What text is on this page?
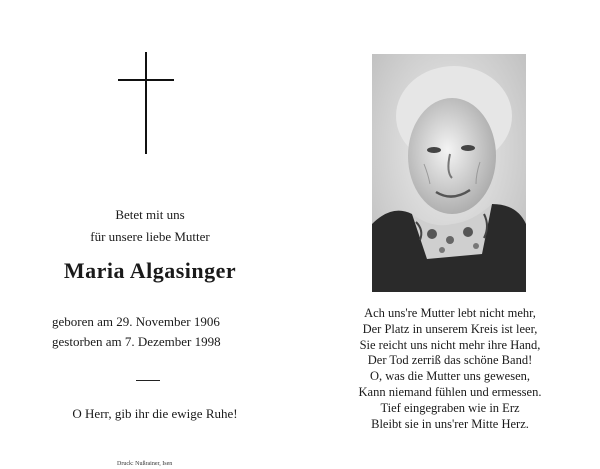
Betet mit uns
für unsere liebe Mutter
Maria Algasinger
geboren am 29. November 1906
gestorben am 7. Dezember 1998
O Herr, gib ihr die ewige Ruhe!
Druck: Nußrainer, Isen
Ach uns're Mutter lebt nicht mehr,
Der Platz in unserem Kreis ist leer,
Sie reicht uns nicht mehr ihre Hand,
Der Tod zerriß das schöne Band!
O, was die Mutter uns gewesen,
Kann niemand fühlen und ermessen.
Tief eingegraben wie in Erz
Bleibt sie in uns'rer Mitte Herz.
